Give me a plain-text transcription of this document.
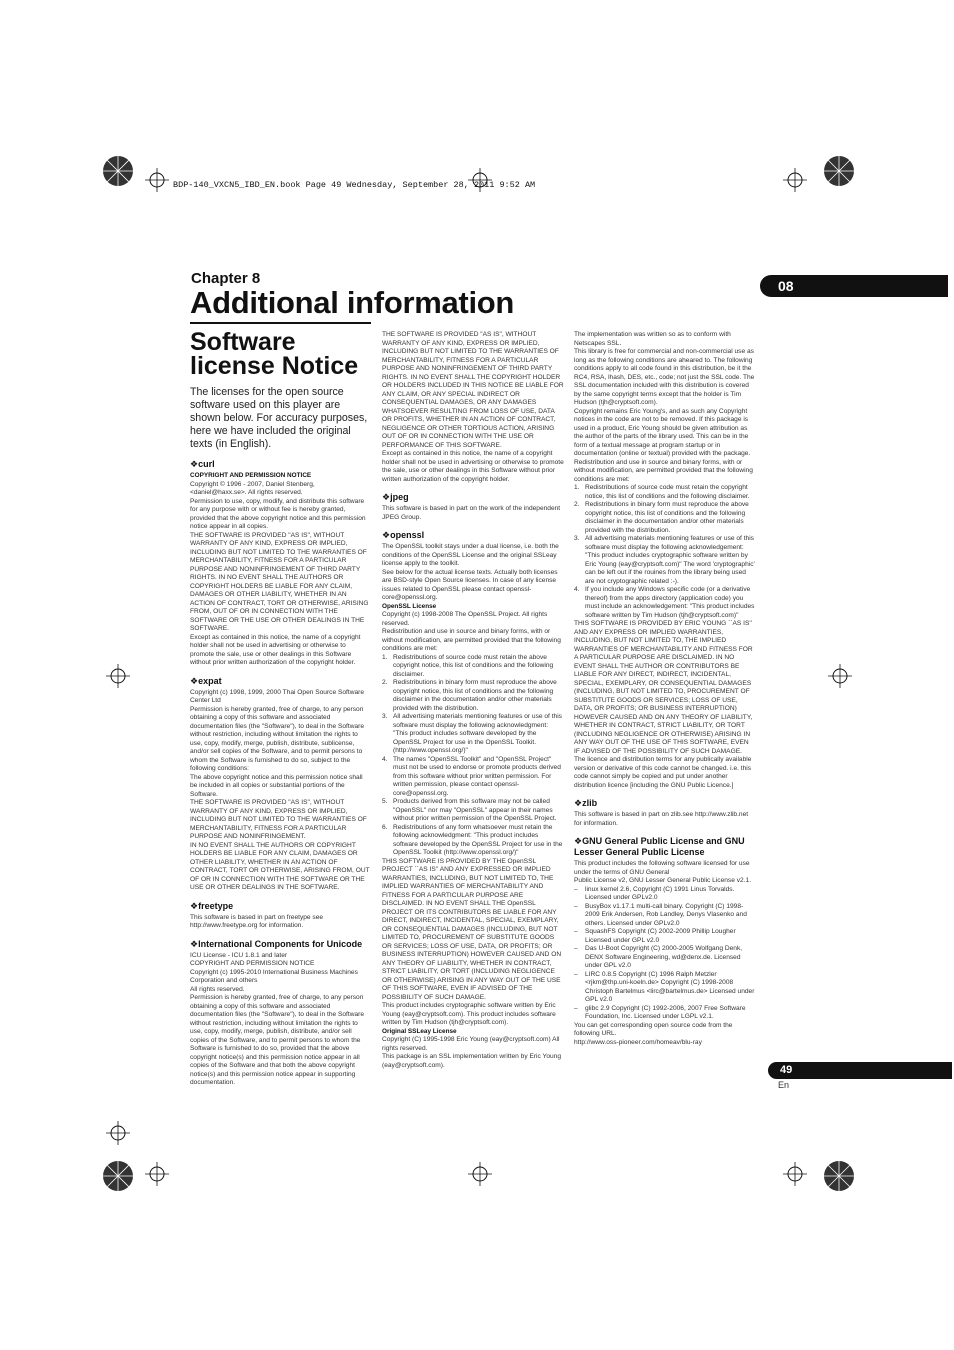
BDP-140_VXCN5_IBD_EN.book Page 49 Wednesday, September 28, 2011 9:52 AM
Chapter 8
Additional information	08
Software license Notice

The licenses for the open source software used on this player are shown below. For accuracy purposes, here we have included the original texts (in English).

❖curl

COPYRIGHT AND PERMISSION NOTICE

Copyright © 1996 - 2007, Daniel Stenberg, <daniel@haxx.se>. All rights reserved.

Permission to use, copy, modify, and distribute this software for any purpose with or without fee is hereby granted, provided that the above copyright notice and this permission notice appear in all copies.

THE SOFTWARE IS PROVIDED "AS IS", WITHOUT WARRANTY OF ANY KIND, EXPRESS OR IMPLIED, INCLUDING BUT NOT LIMITED TO THE WARRANTIES OF MERCHANTABILITY, FITNESS FOR A PARTICULAR PURPOSE AND NONINFRINGEMENT OF THIRD PARTY RIGHTS. IN NO EVENT SHALL THE AUTHORS OR COPYRIGHT HOLDERS BE LIABLE FOR ANY CLAIM, DAMAGES OR OTHER LIABILITY, WHETHER IN AN ACTION OF CONTRACT, TORT OR OTHERWISE, ARISING FROM, OUT OF OR IN CONNECTION WITH THE SOFTWARE OR THE USE OR OTHER DEALINGS IN THE SOFTWARE.

Except as contained in this notice, the name of a copyright holder shall not be used in advertising or otherwise to promote the sale, use or other dealings in this Software without prior written authorization of the copyright holder.

❖expat

Copyright (c) 1998, 1999, 2000 Thai Open Source Software Center Ltd

Permission is hereby granted, free of charge, to any person obtaining a copy of this software and associated documentation files (the "Software"), to deal in the Software without restriction, including without limitation the rights to use, copy, modify, merge, publish, distribute, sublicense, and/or sell copies of the Software, and to permit persons to whom the Software is furnished to do so, subject to the following conditions:

The above copyright notice and this permission notice shall be included in all copies or substantial portions of the Software.

THE SOFTWARE IS PROVIDED "AS IS", WITHOUT WARRANTY OF ANY KIND, EXPRESS OR IMPLIED, INCLUDING BUT NOT LIMITED TO THE WARRANTIES OF MERCHANTABILITY, FITNESS FOR A PARTICULAR PURPOSE AND NONINFRINGEMENT.

IN NO EVENT SHALL THE AUTHORS OR COPYRIGHT HOLDERS BE LIABLE FOR ANY CLAIM, DAMAGES OR OTHER LIABILITY, WHETHER IN AN ACTION OF CONTRACT, TORT OR OTHERWISE, ARISING FROM, OUT OF OR IN CONNECTION WITH THE SOFTWARE OR THE USE OR OTHER DEALINGS IN THE SOFTWARE.

❖freetype

This software is based in part on freetype see http://www.freetype.org for information.

❖International Components for Unicode

ICU License - ICU 1.8.1 and later

COPYRIGHT AND PERMISSION NOTICE

Copyright (c) 1995-2010 International Business Machines Corporation and others

All rights reserved.

Permission is hereby granted, free of charge, to any person obtaining a copy of this software and associated documentation files (the "Software"), to deal in the Software without restriction, including without limitation the rights to use, copy, modify, merge, publish, distribute, and/or sell copies of the Software, and to permit persons to whom the Software is furnished to do so, provided that the above copyright notice(s) and this permission notice appear in all copies of the Software and that both the above copyright notice(s) and this permission notice appear in supporting documentation.

THE SOFTWARE IS PROVIDED "AS IS", WITHOUT WARRANTY OF ANY KIND, EXPRESS OR IMPLIED, INCLUDING BUT NOT LIMITED TO THE WARRANTIES OF MERCHANTABILITY, FITNESS FOR A PARTICULAR PURPOSE AND NONINFRINGEMENT OF THIRD PARTY RIGHTS. IN NO EVENT SHALL THE COPYRIGHT HOLDER OR HOLDERS INCLUDED IN THIS NOTICE BE LIABLE FOR ANY CLAIM, OR ANY SPECIAL INDIRECT OR CONSEQUENTIAL DAMAGES, OR ANY DAMAGES WHATSOEVER RESULTING FROM LOSS OF USE, DATA OR PROFITS, WHETHER IN AN ACTION OF CONTRACT, NEGLIGENCE OR OTHER TORTIOUS ACTION, ARISING OUT OF OR IN CONNECTION WITH THE USE OR PERFORMANCE OF THIS SOFTWARE.

Except as contained in this notice, the name of a copyright holder shall not be used in advertising or otherwise to promote the sale, use or other dealings in this Software without prior written authorization of the copyright holder.

❖jpeg

This software is based in part on the work of the independent JPEG Group.

❖openssl

The OpenSSL toolkit stays under a dual license, i.e. both the conditions of the OpenSSL License and the original SSLeay license apply to the toolkit.

See below for the actual license texts. Actually both licenses are BSD-style Open Source licenses. In case of any license issues related to OpenSSL please contact openssl-core@openssl.org.

OpenSSL License

Copyright (c) 1998-2008 The OpenSSL Project. All rights reserved.

Redistribution and use in source and binary forms, with or without modification, are permitted provided that the following conditions are met:

1. Redistributions of source code must retain the above copyright notice, this list of conditions and the following disclaimer.

2. Redistributions in binary form must reproduce the above copyright notice, this list of conditions and the following disclaimer in the documentation and/or other materials provided with the distribution.

3. All advertising materials mentioning features or use of this software must display the following acknowledgment: "This product includes software developed by the OpenSSL Project for use in the OpenSSL Toolkit. (http://www.openssl.org/)"

4. The names "OpenSSL Toolkit" and "OpenSSL Project" must not be used to endorse or promote products derived from this software without prior written permission. For written permission, please contact openssl-core@openssl.org.

5. Products derived from this software may not be called "OpenSSL" nor may "OpenSSL" appear in their names without prior written permission of the OpenSSL Project.

6. Redistributions of any form whatsoever must retain the following acknowledgment: "This product includes software developed by the OpenSSL Project for use in the OpenSSL Toolkit (http://www.openssl.org/)"

THIS SOFTWARE IS PROVIDED BY THE OpenSSL PROJECT ``AS IS'' AND ANY EXPRESSED OR IMPLIED WARRANTIES, INCLUDING, BUT NOT LIMITED TO, THE IMPLIED WARRANTIES OF MERCHANTABILITY AND FITNESS FOR A PARTICULAR PURPOSE ARE DISCLAIMED. IN NO EVENT SHALL THE OpenSSL PROJECT OR ITS CONTRIBUTORS BE LIABLE FOR ANY DIRECT, INDIRECT, INCIDENTAL, SPECIAL, EXEMPLARY, OR CONSEQUENTIAL DAMAGES (INCLUDING, BUT NOT LIMITED TO, PROCUREMENT OF SUBSTITUTE GOODS OR SERVICES; LOSS OF USE, DATA, OR PROFITS; OR BUSINESS INTERRUPTION) HOWEVER CAUSED AND ON ANY THEORY OF LIABILITY, WHETHER IN CONTRACT, STRICT LIABILITY, OR TORT (INCLUDING NEGLIGENCE OR OTHERWISE) ARISING IN ANY WAY OUT OF THE USE OF THIS SOFTWARE, EVEN IF ADVISED OF THE POSSIBILITY OF SUCH DAMAGE.

This product includes cryptographic software written by Eric Young (eay@cryptsoft.com). This product includes software written by Tim Hudson (tjh@cryptsoft.com).

Original SSLeay License

Copyright (C) 1995-1998 Eric Young (eay@cryptsoft.com) All rights reserved.

This package is an SSL implementation written by Eric Young (eay@cryptsoft.com).

The implementation was written so as to conform with Netscapes SSL.

This library is free for commercial and non-commercial use as long as the following conditions are aheared to. The following conditions apply to all code found in this distribution, be it the RC4, RSA, lhash, DES, etc., code; not just the SSL code. The SSL documentation included with this distribution is covered by the same copyright terms except that the holder is Tim Hudson (tjh@cryptsoft.com).

Copyright remains Eric Young's, and as such any Copyright notices in the code are not to be removed. If this package is used in a product, Eric Young should be given attribution as the author of the parts of the library used. This can be in the form of a textual message at program startup or in documentation (online or textual) provided with the package.

Redistribution and use in source and binary forms, with or without modification, are permitted provided that the following conditions are met:

1. Redistributions of source code must retain the copyright notice, this list of conditions and the following disclaimer.

2. Redistributions in binary form must reproduce the above copyright notice, this list of conditions and the following disclaimer in the documentation and/or other materials provided with the distribution.

3. All advertising materials mentioning features or use of this software must display the following acknowledgement: "This product includes cryptographic software written by Eric Young (eay@cryptsoft.com)" The word 'cryptographic' can be left out if the rouines from the library being used are not cryptographic related :-).

4. If you include any Windows specific code (or a derivative thereof) from the apps directory (application code) you must include an acknowledgement: "This product includes software written by Tim Hudson (tjh@cryptsoft.com)"

THIS SOFTWARE IS PROVIDED BY ERIC YOUNG ``AS IS'' AND ANY EXPRESS OR IMPLIED WARRANTIES, INCLUDING, BUT NOT LIMITED TO, THE IMPLIED WARRANTIES OF MERCHANTABILITY AND FITNESS FOR A PARTICULAR PURPOSE ARE DISCLAIMED. IN NO EVENT SHALL THE AUTHOR OR CONTRIBUTORS BE LIABLE FOR ANY DIRECT, INDIRECT, INCIDENTAL, SPECIAL, EXEMPLARY, OR CONSEQUENTIAL DAMAGES (INCLUDING, BUT NOT LIMITED TO, PROCUREMENT OF SUBSTITUTE GOODS OR SERVICES; LOSS OF USE, DATA, OR PROFITS; OR BUSINESS INTERRUPTION) HOWEVER CAUSED AND ON ANY THEORY OF LIABILITY, WHETHER IN CONTRACT, STRICT LIABILITY, OR TORT (INCLUDING NEGLIGENCE OR OTHERWISE) ARISING IN ANY WAY OUT OF THE USE OF THIS SOFTWARE, EVEN IF ADVISED OF THE POSSIBILITY OF SUCH DAMAGE.

The licence and distribution terms for any publically available version or derivative of this code cannot be changed. i.e. this code cannot simply be copied and put under another distribution licence [including the GNU Public Licence.]

❖zlib

This software is based in part on zlib.see http://www.zlib.net for information.

❖GNU General Public License and GNU Lesser General Public License

This product includes the following software licensed for use under the terms of GNU General

Public License v2, GNU Lesser General Public License v2.1.

– linux kernel 2.6, Copyright (C) 1991 Linus Torvalds. Licensed under GPLv2.0

– BusyBox v1.17.1 multi-call binary. Copyright (C) 1998-2009 Erik Andersen, Rob Landley, Denys Vlasenko and others. Licensed under GPLv2.0

– SquashFS Copyright (C) 2002-2009 Phillip Lougher Licensed under GPL v2.0

– Das U-Boot Copyright (C) 2000-2005 Wolfgang Denk, DENX Software Engineering, wd@denx.de. Licensed under GPL v2.0

– LIRC 0.8.5 Copyright (C) 1996 Ralph Metzler <rjkm@thp.uni-koeln.de> Copyright (C) 1998-2008 Christoph Bartelmus <lirc@bartelmus.de> Licensed under GPL v2.0

– glibc 2.9 Copyright (C) 1992-2006, 2007 Free Software Foundation, Inc. Licensed under LGPL v2.1.

You can get corresponding open source code from the following URL.

http://www.oss-pioneer.com/homeav/blu-ray

49
En
